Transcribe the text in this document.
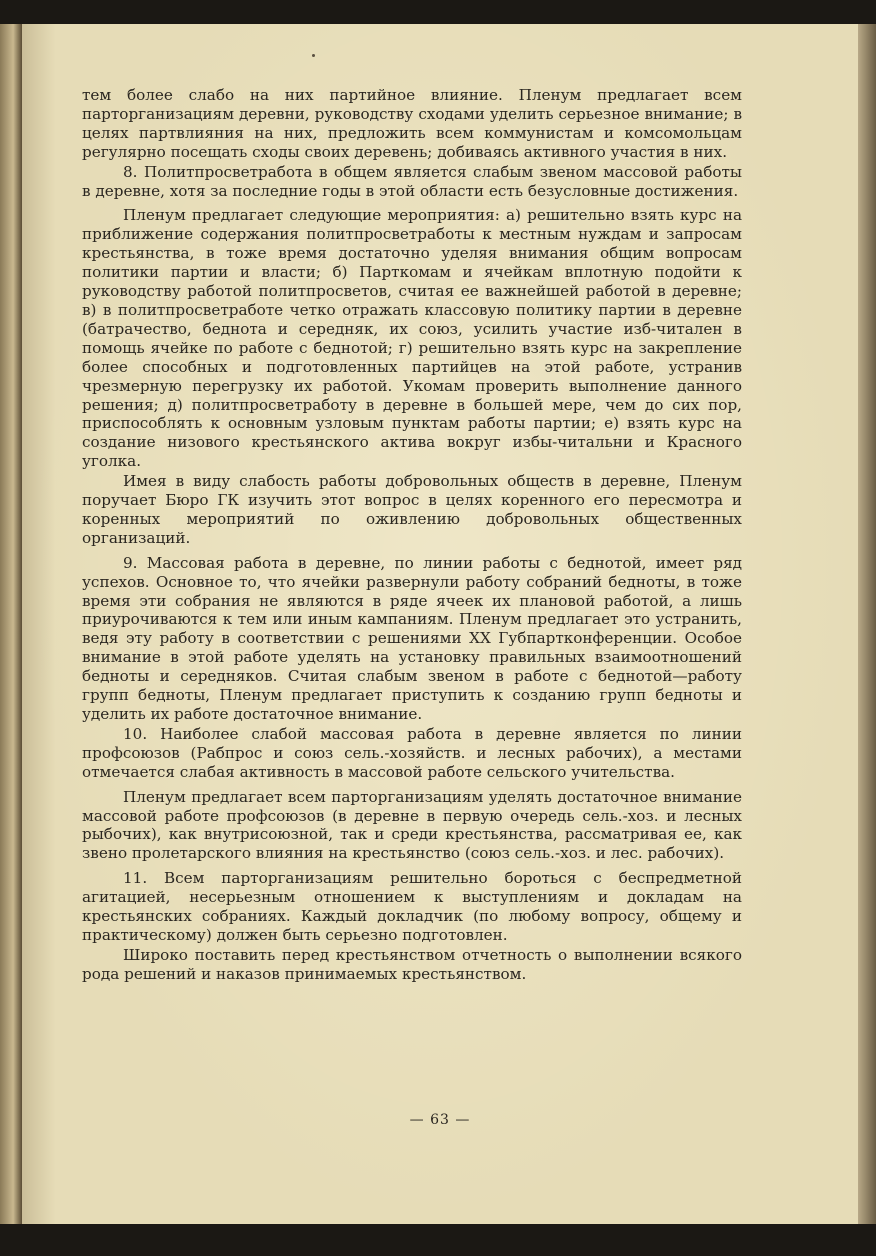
тем более слабо на них партийное влияние. Пленум предлагает всем парторганизациям деревни, руководству сходами уделить серьезное внимание; в целях партвлияния на них, предложить всем коммунистам и комсомольцам регулярно посещать сходы своих деревень; добиваясь активного участия в них.

8. Политпросветработа в общем является слабым звеном массовой работы в деревне, хотя за последние годы в этой области есть безусловные достижения.

Пленум предлагает следующие мероприятия: а) решительно взять курс на приближение содержания политпросветработы к местным нуждам и запросам крестьянства, в тоже время достаточно уделяя внимания общим вопросам политики партии и власти; б) Парткомам и ячейкам вплотную подойти к руководству работой политпросветов, считая ее важнейшей работой в деревне; в) в политпросветработе четко отражать классовую политику партии в деревне (батрачество, беднота и середняк, их союз, усилить участие изб-читален в помощь ячейке по работе с беднотой; г) решительно взять курс на закрепление более способных и подготовленных партийцев на этой работе, устранив чрезмерную перегрузку их работой. Укомам проверить выполнение данного решения; д) политпросветработу в деревне в большей мере, чем до сих пор, приспособлять к основным узловым пунктам работы партии; е) взять курс на создание низового крестьянского актива вокруг избы-читальни и Красного уголка.

Имея в виду слабость работы добровольных обществ в деревне, Пленум поручает Бюро ГК изучить этот вопрос в целях коренного его пересмотра и коренных мероприятий по оживлению добровольных общественных организаций.

9. Массовая работа в деревне, по линии работы с беднотой, имеет ряд успехов. Основное то, что ячейки развернули работу собраний бедноты, в тоже время эти собрания не являются в ряде ячеек их плановой работой, а лишь приурочиваются к тем или иным кампаниям. Пленум предлагает это устранить, ведя эту работу в соответствии с решениями XX Губпартконференции. Особое внимание в этой работе уделять на установку правильных взаимоотношений бедноты и середняков. Считая слабым звеном в работе с беднотой—работу групп бедноты, Пленум предлагает приступить к созданию групп бедноты и уделить их работе достаточное внимание.

10. Наиболее слабой массовая работа в деревне является по линии профсоюзов (Рабпрос и союз сель.-хозяйств. и лесных рабочих), а местами отмечается слабая активность в массовой работе сельского учительства.

Пленум предлагает всем парторганизациям уделять достаточное внимание массовой работе профсоюзов (в деревне в первую очередь сель.-хоз. и лесных рыбочих), как внутрисоюзной, так и среди крестьянства, рассматривая ее, как звено пролетарского влияния на крестьянство (союз сель.-хоз. и лес. рабочих).

11. Всем парторганизациям решительно бороться с беспредметной агитацией, несерьезным отношением к выступлениям и докладам на крестьянских собраниях. Каждый докладчик (по любому вопросу, общему и практическому) должен быть серьезно подготовлен.

Широко поставить перед крестьянством отчетность о выполнении всякого рода решений и наказов принимаемых крестьянством.

— 63 —
